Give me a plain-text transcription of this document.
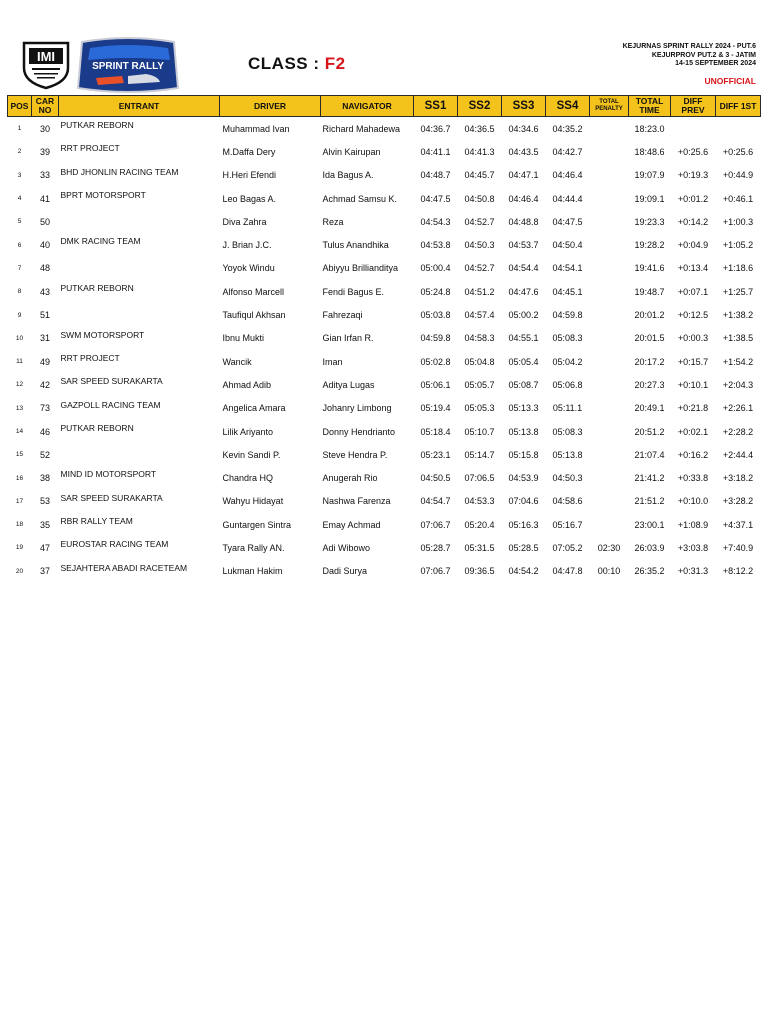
IMI
SPRINT RALLY	CLASS : F2
KEJURNAS SPRINT RALLY 2024 - PUT.6
KEJURPROV PUT.2 & 3 - JATIM
14-15 SEPTEMBER 2024
UNOFFICIAL
POS	CAR NO	ENTRANT	DRIVER	NAVIGATOR	SS1	SS2	SS3	SS4	TOTAL PENALTY	TOTAL TIME	DIFF PREV	DIFF 1ST
1	30	PUTKAR REBORN	Muhammad Ivan	Richard Mahadewa	04:36.7	04:36.5	04:34.6	04:35.2		18:23.0		
2	39	RRT PROJECT	M.Daffa Dery	Alvin Kairupan	04:41.1	04:41.3	04:43.5	04:42.7		18:48.6	+0:25.6	+0:25.6
3	33	BHD JHONLIN RACING TEAM	H.Heri Efendi	Ida Bagus A.	04:48.7	04:45.7	04:47.1	04:46.4		19:07.9	+0:19.3	+0:44.9
4	41	BPRT MOTORSPORT	Leo Bagas A.	Achmad Samsu K.	04:47.5	04:50.8	04:46.4	04:44.4		19:09.1	+0:01.2	+0:46.1
5	50		Diva Zahra	Reza	04:54.3	04:52.7	04:48.8	04:47.5		19:23.3	+0:14.2	+1:00.3
6	40	DMK RACING TEAM	J. Brian J.C.	Tulus Anandhika	04:53.8	04:50.3	04:53.7	04:50.4		19:28.2	+0:04.9	+1:05.2
7	48		Yoyok Windu	Abiyyu Brillianditya	05:00.4	04:52.7	04:54.4	04:54.1		19:41.6	+0:13.4	+1:18.6
8	43	PUTKAR REBORN	Alfonso Marcell	Fendi Bagus E.	05:24.8	04:51.2	04:47.6	04:45.1		19:48.7	+0:07.1	+1:25.7
9	51		Taufiqul Akhsan	Fahrezaqi	05:03.8	04:57.4	05:00.2	04:59.8		20:01.2	+0:12.5	+1:38.2
10	31	SWM MOTORSPORT	Ibnu Mukti	Gian Irfan R.	04:59.8	04:58.3	04:55.1	05:08.3		20:01.5	+0:00.3	+1:38.5
11	49	RRT PROJECT	Wancik	Iman	05:02.8	05:04.8	05:05.4	05:04.2		20:17.2	+0:15.7	+1:54.2
12	42	SAR SPEED SURAKARTA	Ahmad Adib	Aditya Lugas	05:06.1	05:05.7	05:08.7	05:06.8		20:27.3	+0:10.1	+2:04.3
13	73	GAZPOLL RACING TEAM	Angelica Amara	Johanry Limbong	05:19.4	05:05.3	05:13.3	05:11.1		20:49.1	+0:21.8	+2:26.1
14	46	PUTKAR REBORN	Lilik Ariyanto	Donny Hendrianto	05:18.4	05:10.7	05:13.8	05:08.3		20:51.2	+0:02.1	+2:28.2
15	52		Kevin Sandi P.	Steve Hendra P.	05:23.1	05:14.7	05:15.8	05:13.8		21:07.4	+0:16.2	+2:44.4
16	38	MIND ID MOTORSPORT	Chandra HQ	Anugerah Rio	04:50.5	07:06.5	04:53.9	04:50.3		21:41.2	+0:33.8	+3:18.2
17	53	SAR SPEED SURAKARTA	Wahyu Hidayat	Nashwa Farenza	04:54.7	04:53.3	07:04.6	04:58.6		21:51.2	+0:10.0	+3:28.2
18	35	RBR RALLY TEAM	Guntargen Sintra	Emay Achmad	07:06.7	05:20.4	05:16.3	05:16.7		23:00.1	+1:08.9	+4:37.1
19	47	EUROSTAR RACING TEAM	Tyara Rally AN.	Adi Wibowo	05:28.7	05:31.5	05:28.5	07:05.2	02:30	26:03.9	+3:03.8	+7:40.9
20	37	SEJAHTERA ABADI RACETEAM	Lukman Hakim	Dadi Surya	07:06.7	09:36.5	04:54.2	04:47.8	00:10	26:35.2	+0:31.3	+8:12.2
